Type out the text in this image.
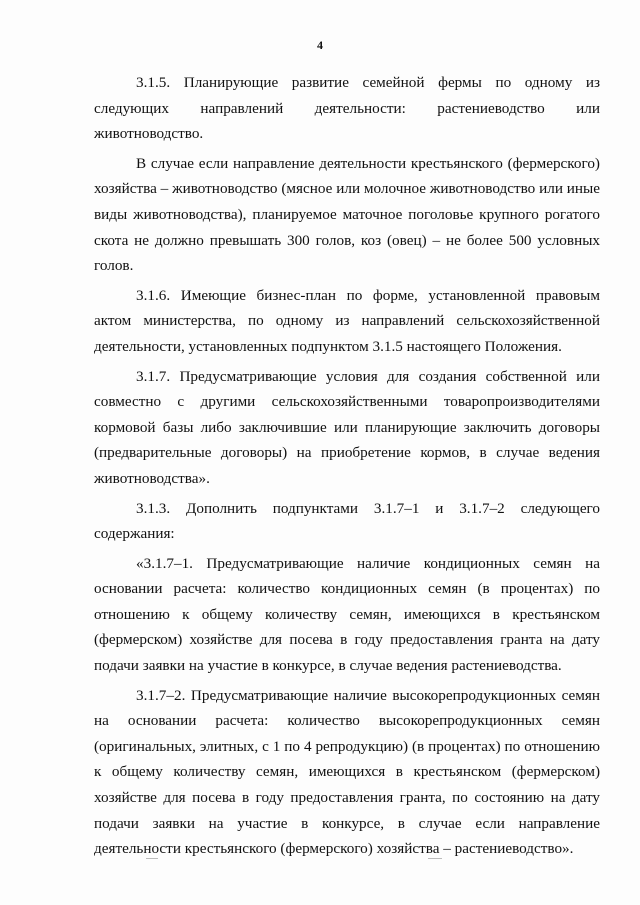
4

3.1.5. Планирующие развитие семейной фермы по одному из следующих направлений деятельности: растениеводство или животноводство.

В случае если направление деятельности крестьянского (фермерского) хозяйства – животноводство (мясное или молочное животноводство или иные виды животноводства), планируемое маточное поголовье крупного рогатого скота не должно превышать 300 голов, коз (овец) – не более 500 условных голов.

3.1.6. Имеющие бизнес-план по форме, установленной правовым актом министерства, по одному из направлений сельскохозяйственной деятельности, установленных подпунктом 3.1.5 настоящего Положения.

3.1.7. Предусматривающие условия для создания собственной или совместно с другими сельскохозяйственными товаропроизводителями кормовой базы либо заключившие или планирующие заключить договоры (предварительные договоры) на приобретение кормов, в случае ведения животноводства».

3.1.3. Дополнить подпунктами 3.1.7–1 и 3.1.7–2 следующего содержания:

«3.1.7–1. Предусматривающие наличие кондиционных семян на основании расчета: количество кондиционных семян (в процентах) по отношению к общему количеству семян, имеющихся в крестьянском (фермерском) хозяйстве для посева в году предоставления гранта на дату подачи заявки на участие в конкурсе, в случае ведения растениеводства.

3.1.7–2. Предусматривающие наличие высокорепродукционных семян на основании расчета: количество высокорепродукционных семян (оригинальных, элитных, с 1 по 4 репродукцию) (в процентах) по отношению к общему количеству семян, имеющихся в крестьянском (фермерском) хозяйстве для посева в году предоставления гранта, по состоянию на дату подачи заявки на участие в конкурсе, в случае если направление деятельности крестьянского (фермерского) хозяйства – растениеводство».
